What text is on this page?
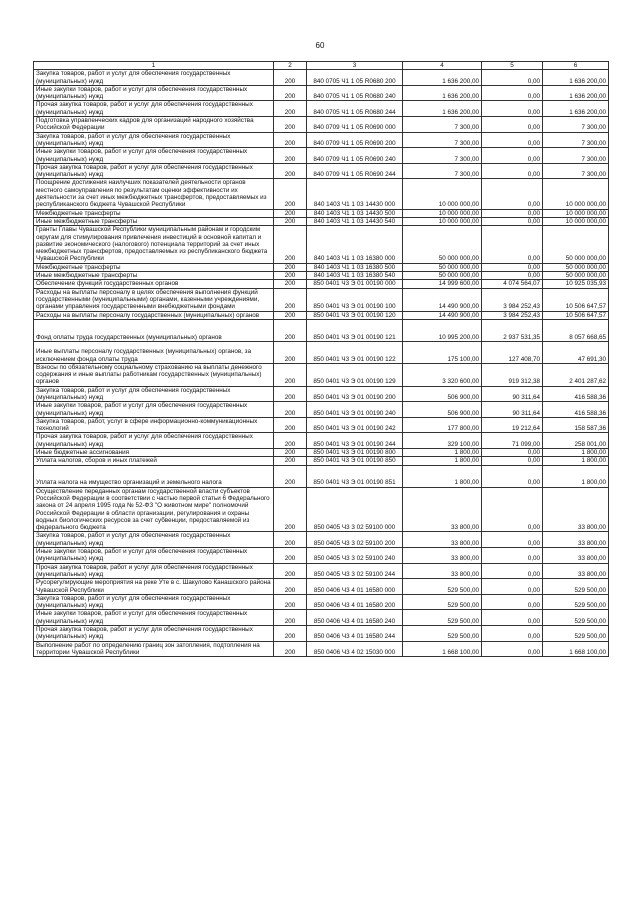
60
1	2	3	4	5	6
Закупка товаров, работ и услуг для обеспечения государственных (муниципальных) нужд	200	840 0705 Ч1 1 05 R0680 200	1 636 200,00	0,00	1 636 200,00
Иные закупки товаров, работ и услуг для обеспечения государственных (муниципальных) нужд	200	840 0705 Ч1 1 05 R0680 240	1 636 200,00	0,00	1 636 200,00
Прочая закупка товаров, работ и услуг для обеспечения государственных (муниципальных) нужд	200	840 0705 Ч1 1 05 R0680 244	1 636 200,00	0,00	1 636 200,00
Подготовка управленческих кадров для организаций народного хозяйства Российской Федерации	200	840 0709 Ч1 1 05 R0690 000	7 300,00	0,00	7 300,00
Закупка товаров, работ и услуг для обеспечения государственных (муниципальных) нужд	200	840 0709 Ч1 1 05 R0690 200	7 300,00	0,00	7 300,00
Иные закупки товаров, работ и услуг для обеспечения государственных (муниципальных) нужд	200	840 0709 Ч1 1 05 R0690 240	7 300,00	0,00	7 300,00
Прочая закупка товаров, работ и услуг для обеспечения государственных (муниципальных) нужд	200	840 0709 Ч1 1 05 R0690 244	7 300,00	0,00	7 300,00
Поощрение достижения наилучших показателей деятельности органов местного самоуправления по результатам оценки эффективности их деятельности за счет иных межбюджетных трансфертов, предоставляемых из республиканского бюджета Чувашской Республики	200	840 1403 Ч1 1 03 14430 000	10 000 000,00	0,00	10 000 000,00
Межбюджетные трансферты	200	840 1403 Ч1 1 03 14430 500	10 000 000,00	0,00	10 000 000,00
Иные межбюджетные трансферты	200	840 1403 Ч1 1 03 14430 540	10 000 000,00	0,00	10 000 000,00
Гранты Главы Чувашской Республики муниципальным районам и городским округам для стимулирования привлечения инвестиций в основной капитал и развитие экономического (налогового) потенциала территорий за счет иных межбюджетных трансфертов, предоставляемых из республиканского бюджета Чувашской Республики	200	840 1403 Ч1 1 03 16380 000	50 000 000,00	0,00	50 000 000,00
Межбюджетные трансферты	200	840 1403 Ч1 1 03 16380 500	50 000 000,00	0,00	50 000 000,00
Иные межбюджетные трансферты	200	840 1403 Ч1 1 03 16380 540	50 000 000,00	0,00	50 000 000,00
Обеспечение функций государственных органов	200	850 0401 Ч3 Э 01 00190 000	14 999 600,00	4 074 564,07	10 925 035,93
Расходы на выплаты персоналу в целях обеспечения выполнения функций государственными (муниципальными) органами, казенными учреждениями, органами управления государственными внебюджетными фондами	200	850 0401 Ч3 Э 01 00190 100	14 490 900,00	3 984 252,43	10 506 647,57
Расходы на выплаты персоналу государственных (муниципальных) органов	200	850 0401 Ч3 Э 01 00190 120	14 490 900,00	3 984 252,43	10 506 647,57
Фонд оплаты труда государственных (муниципальных) органов	200	850 0401 Ч3 Э 01 00190 121	10 995 200,00	2 937 531,35	8 057 668,65
Иные выплаты персоналу государственных (муниципальных) органов, за исключением фонда оплаты труда	200	850 0401 Ч3 Э 01 00190 122	175 100,00	127 408,70	47 691,30
Взносы по обязательному социальному страхованию на выплаты денежного содержания и иные выплаты работникам государственных (муниципальных) органов	200	850 0401 Ч3 Э 01 00190 129	3 320 600,00	919 312,38	2 401 287,62
Закупка товаров, работ и услуг для обеспечения государственных (муниципальных) нужд	200	850 0401 Ч3 Э 01 00190 200	506 900,00	90 311,64	416 588,36
Иные закупки товаров, работ и услуг для обеспечения государственных (муниципальных) нужд	200	850 0401 Ч3 Э 01 00190 240	506 900,00	90 311,64	416 588,36
Закупка товаров, работ, услуг в сфере информационно-коммуникационных технологий	200	850 0401 Ч3 Э 01 00190 242	177 800,00	19 212,64	158 587,36
Прочая закупка товаров, работ и услуг для обеспечения государственных (муниципальных) нужд	200	850 0401 Ч3 Э 01 00190 244	329 100,00	71 099,00	258 001,00
Иные бюджетные ассигнования	200	850 0401 Ч3 Э 01 00190 800	1 800,00	0,00	1 800,00
Уплата налогов, сборов и иных платежей	200	850 0401 Ч3 Э 01 00190 850	1 800,00	0,00	1 800,00
Уплата налога на имущество организаций и земельного налога	200	850 0401 Ч3 Э 01 00190 851	1 800,00	0,00	1 800,00
Осуществление переданных органам государственной власти субъектов Российской Федерации в соответствии с частью первой статьи 6 Федерального закона от 24 апреля 1995 года № 52-ФЗ "О животном мире" полномочий Российской Федерации в области организации, регулирования и охраны водных биологических ресурсов за счет субвенции, предоставляемой из федерального бюджета	200	850 0405 Ч3 3 02 59100 000	33 800,00	0,00	33 800,00
Закупка товаров, работ и услуг для обеспечения государственных (муниципальных) нужд	200	850 0405 Ч3 3 02 59100 200	33 800,00	0,00	33 800,00
Иные закупки товаров, работ и услуг для обеспечения государственных (муниципальных) нужд	200	850 0405 Ч3 3 02 59100 240	33 800,00	0,00	33 800,00
Прочая закупка товаров, работ и услуг для обеспечения государственных (муниципальных) нужд	200	850 0405 Ч3 3 02 59100 244	33 800,00	0,00	33 800,00
Русорегулирующие мероприятия на реке Уте в с. Шакулово Канашского района Чувашской Республики	200	850 0406 Ч3 4 01 16580 000	529 500,00	0,00	529 500,00
Закупка товаров, работ и услуг для обеспечения государственных (муниципальных) нужд	200	850 0406 Ч3 4 01 16580 200	529 500,00	0,00	529 500,00
Иные закупки товаров, работ и услуг для обеспечения государственных (муниципальных) нужд	200	850 0406 Ч3 4 01 16580 240	529 500,00	0,00	529 500,00
Прочая закупка товаров, работ и услуг для обеспечения государственных (муниципальных) нужд	200	850 0406 Ч3 4 01 16580 244	529 500,00	0,00	529 500,00
Выполнение работ по определению границ зон затопления, подтопления на территории Чувашской Республики	200	850 0406 Ч3 4 02 15030 000	1 668 100,00	0,00	1 668 100,00
